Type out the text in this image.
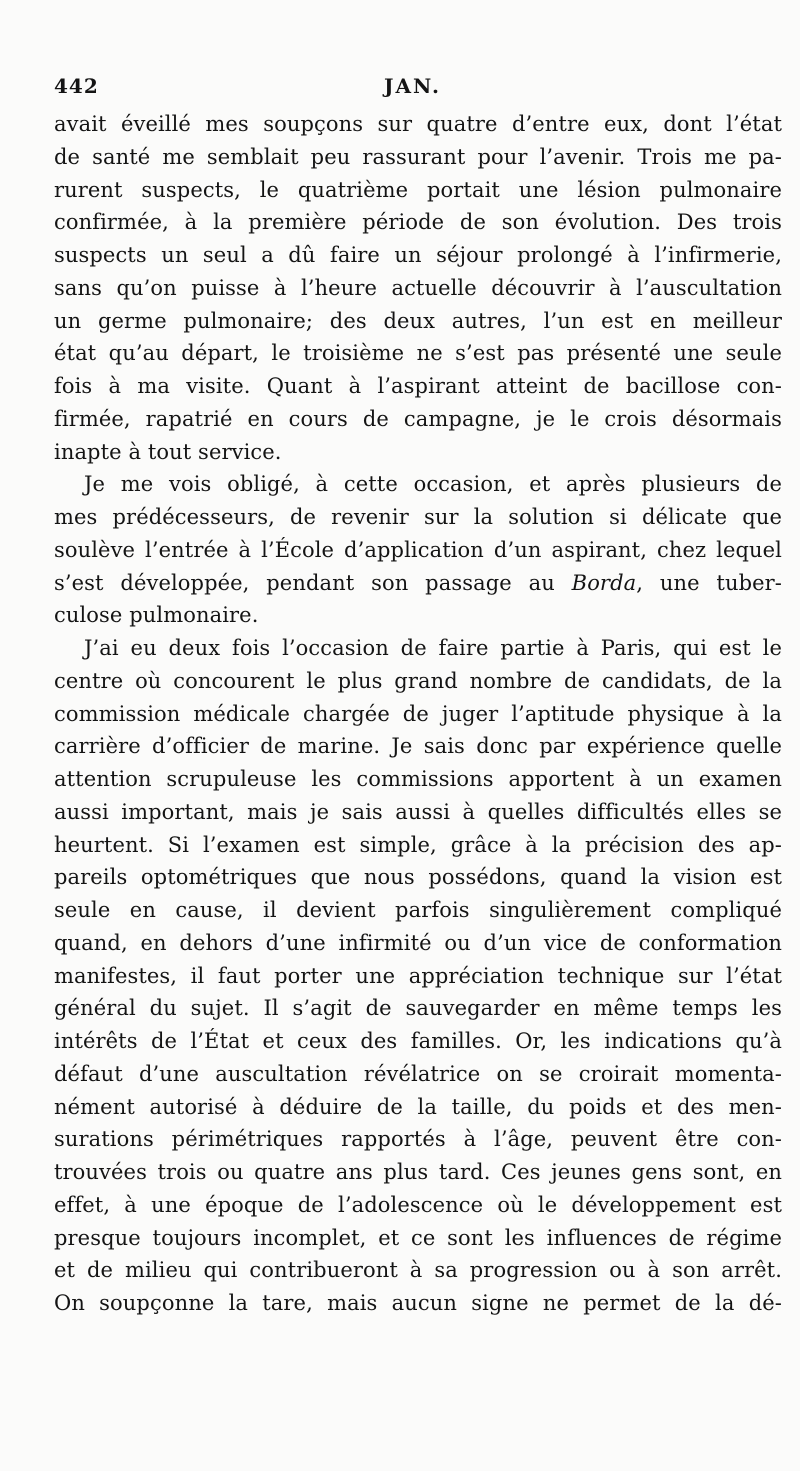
442	JAN.
avait éveillé mes soupçons sur quatre d’entre eux, dont l’état
de santé me semblait peu rassurant pour l’avenir. Trois me pa-
rurent suspects, le quatrième portait une lésion pulmonaire
confirmée, à la première période de son évolution. Des trois
suspects un seul a dû faire un séjour prolongé à l’infirmerie,
sans qu’on puisse à l’heure actuelle découvrir à l’auscultation
un germe pulmonaire; des deux autres, l’un est en meilleur
état qu’au départ, le troisième ne s’est pas présenté une seule
fois à ma visite. Quant à l’aspirant atteint de bacillose con-
firmée, rapatrié en cours de campagne, je le crois désormais
inapte à tout service.
Je me vois obligé, à cette occasion, et après plusieurs de
mes prédécesseurs, de revenir sur la solution si délicate que
soulève l’entrée à l’École d’application d’un aspirant, chez lequel
s’est développée, pendant son passage au Borda, une tuber-
culose pulmonaire.
J’ai eu deux fois l’occasion de faire partie à Paris, qui est le
centre où concourent le plus grand nombre de candidats, de la
commission médicale chargée de juger l’aptitude physique à la
carrière d’officier de marine. Je sais donc par expérience quelle
attention scrupuleuse les commissions apportent à un examen
aussi important, mais je sais aussi à quelles difficultés elles se
heurtent. Si l’examen est simple, grâce à la précision des ap-
pareils optométriques que nous possédons, quand la vision est
seule en cause, il devient parfois singulièrement compliqué
quand, en dehors d’une infirmité ou d’un vice de conformation
manifestes, il faut porter une appréciation technique sur l’état
général du sujet. Il s’agit de sauvegarder en même temps les
intérêts de l’État et ceux des familles. Or, les indications qu’à
défaut d’une auscultation révélatrice on se croirait momenta-
nément autorisé à déduire de la taille, du poids et des men-
surations périmétriques rapportés à l’âge, peuvent être con-
trouvées trois ou quatre ans plus tard. Ces jeunes gens sont, en
effet, à une époque de l’adolescence où le développement est
presque toujours incomplet, et ce sont les influences de régime
et de milieu qui contribueront à sa progression ou à son arrêt.
On soupçonne la tare, mais aucun signe ne permet de la dé-
